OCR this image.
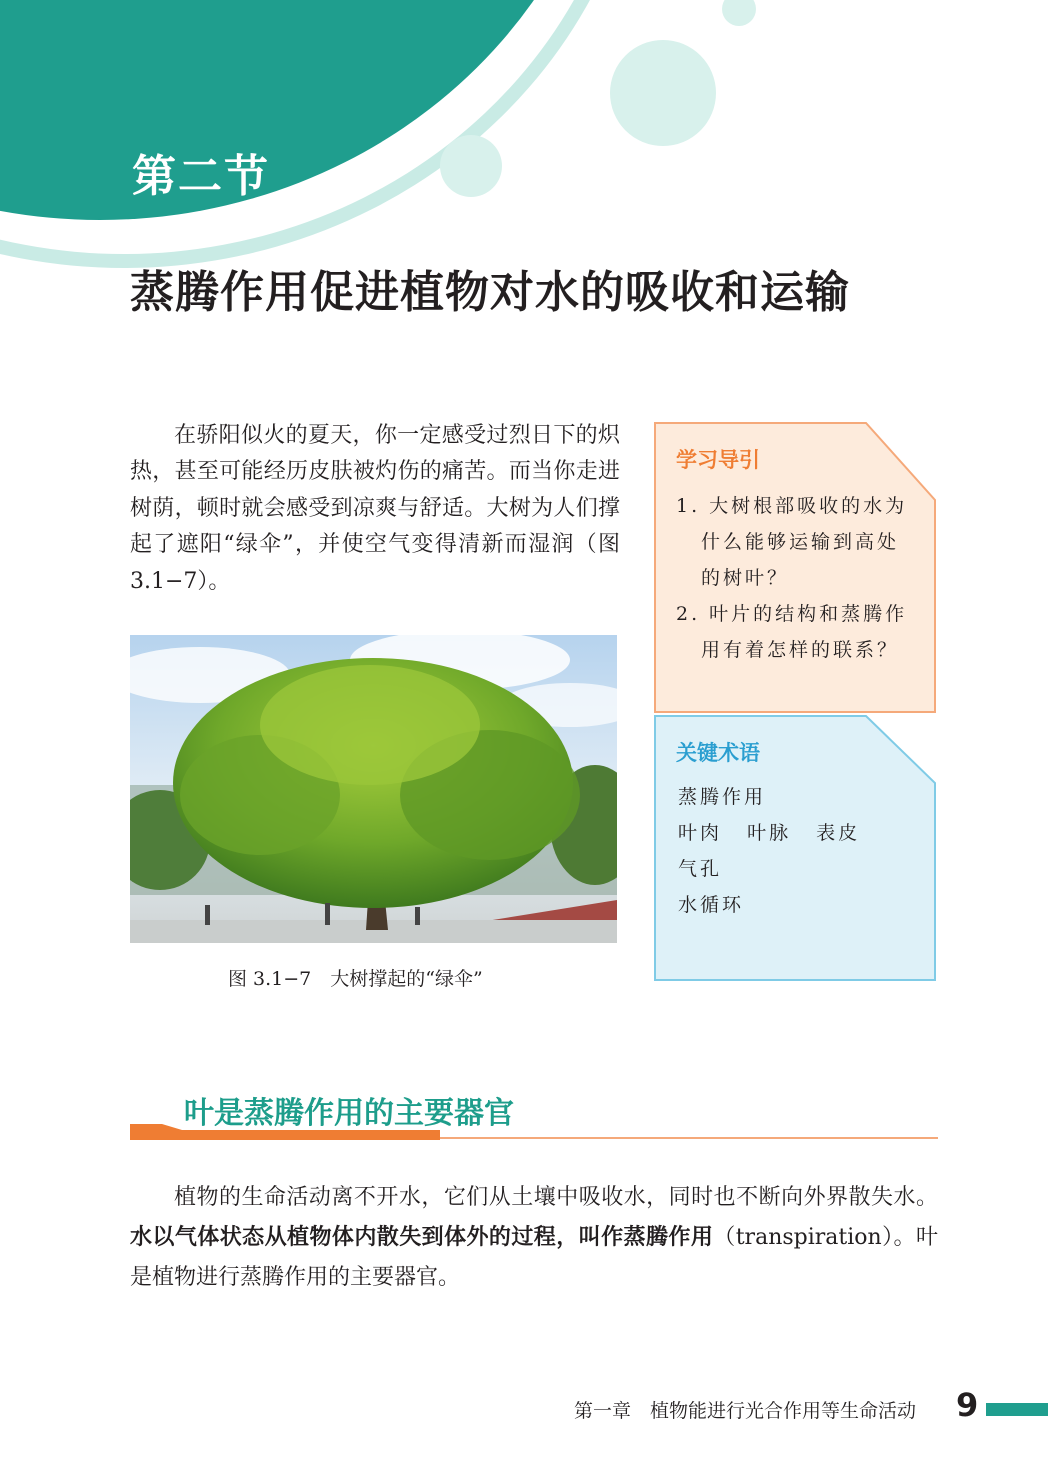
第二节
蒸腾作用促进植物对水的吸收和运输

在骄阳似火的夏天，你一定感受过烈日下的炽热，甚至可能经历皮肤被灼伤的痛苦。而当你走进树荫，顿时就会感受到凉爽与舒适。大树为人们撑起了遮阳“绿伞”，并使空气变得清新而湿润（图 3.1−7）。

图 3.1−7　大树撑起的“绿伞”
学习导引
1. 大树根部吸收的水为什么能够运输到高处的树叶？
2. 叶片的结构和蒸腾作用有着怎样的联系？
关键术语
蒸腾作用
叶肉 叶脉 表皮
气孔
水循环
叶是蒸腾作用的主要器官

植物的生命活动离不开水，它们从土壤中吸收水，同时也不断向外界散失水。水以气体状态从植物体内散失到体外的过程，叫作蒸腾作用（transpiration）。叶是植物进行蒸腾作用的主要器官。

第一章　植物能进行光合作用等生命活动 9
